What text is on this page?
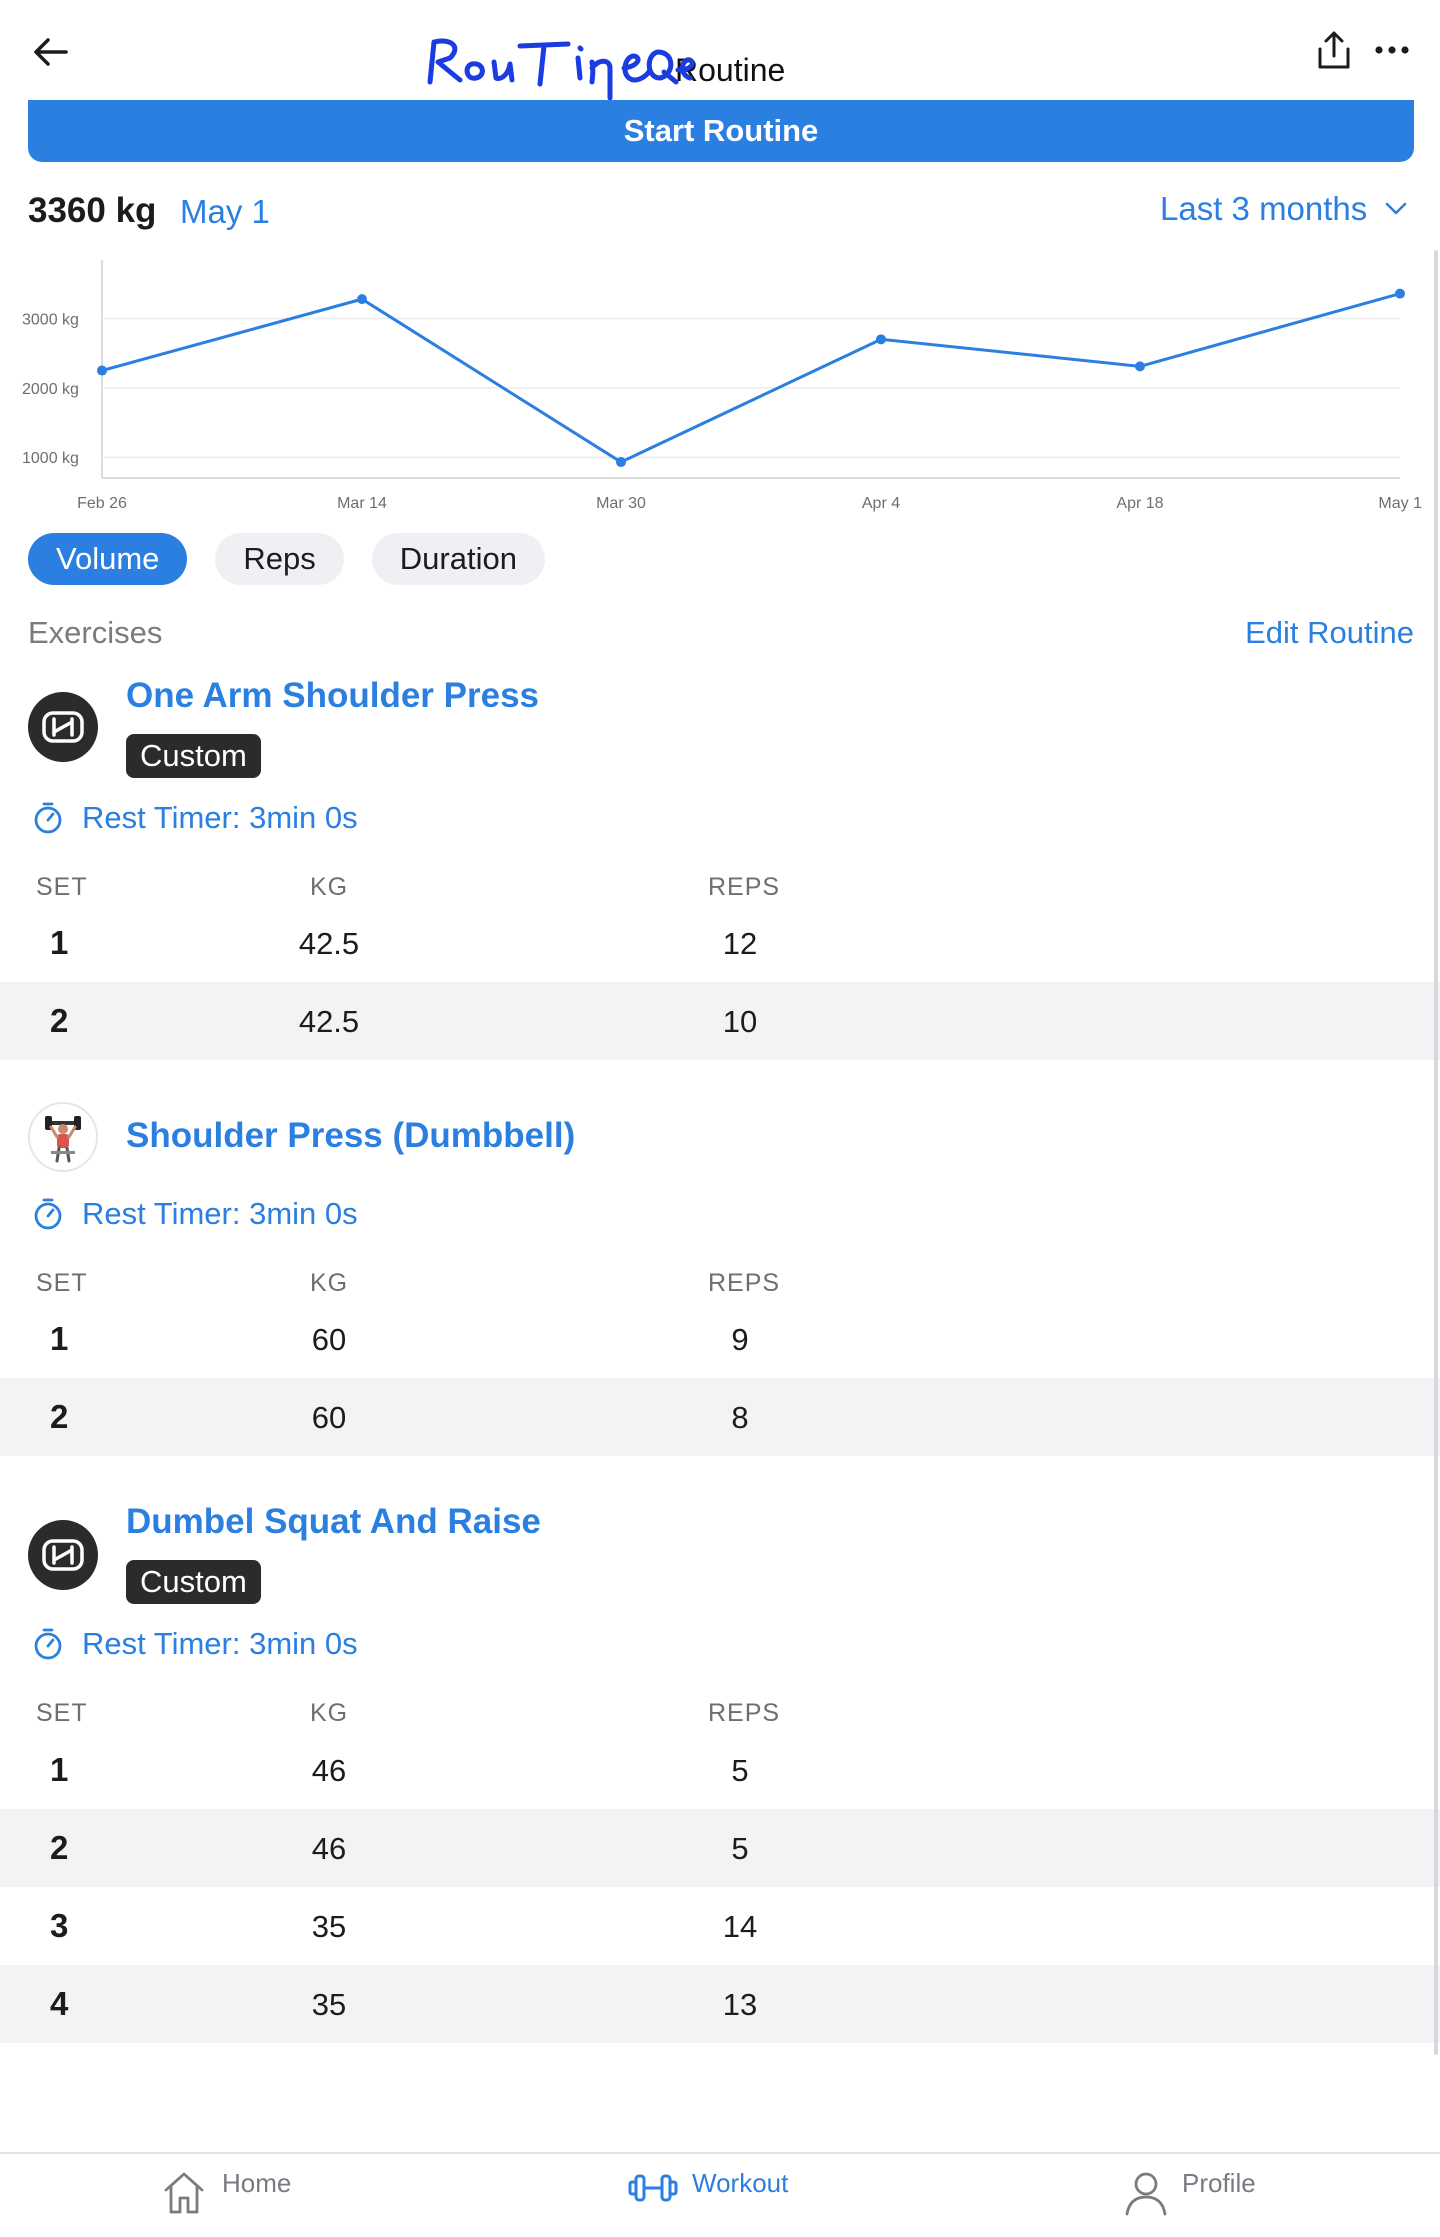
Routine
Start Routine
3360 kg May 1	Last 3 months
1000 kg
2000 kg
3000 kg
Feb 26	Mar 14	Mar 30	Apr 4	Apr 18	May 1
Volume	Reps	Duration
Exercises	Edit Routine
One Arm Shoulder Press
Custom
Rest Timer: 3min 0s
SET	KG	REPS
1	42.5	12
2	42.5	10
Shoulder Press (Dumbbell)
Rest Timer: 3min 0s
SET	KG	REPS
1	60	9
2	60	8
Dumbel Squat And Raise
Custom
Rest Timer: 3min 0s
SET	KG	REPS
1	46	5
2	46	5
3	35	14
4	35	13
Home	Workout	Profile
